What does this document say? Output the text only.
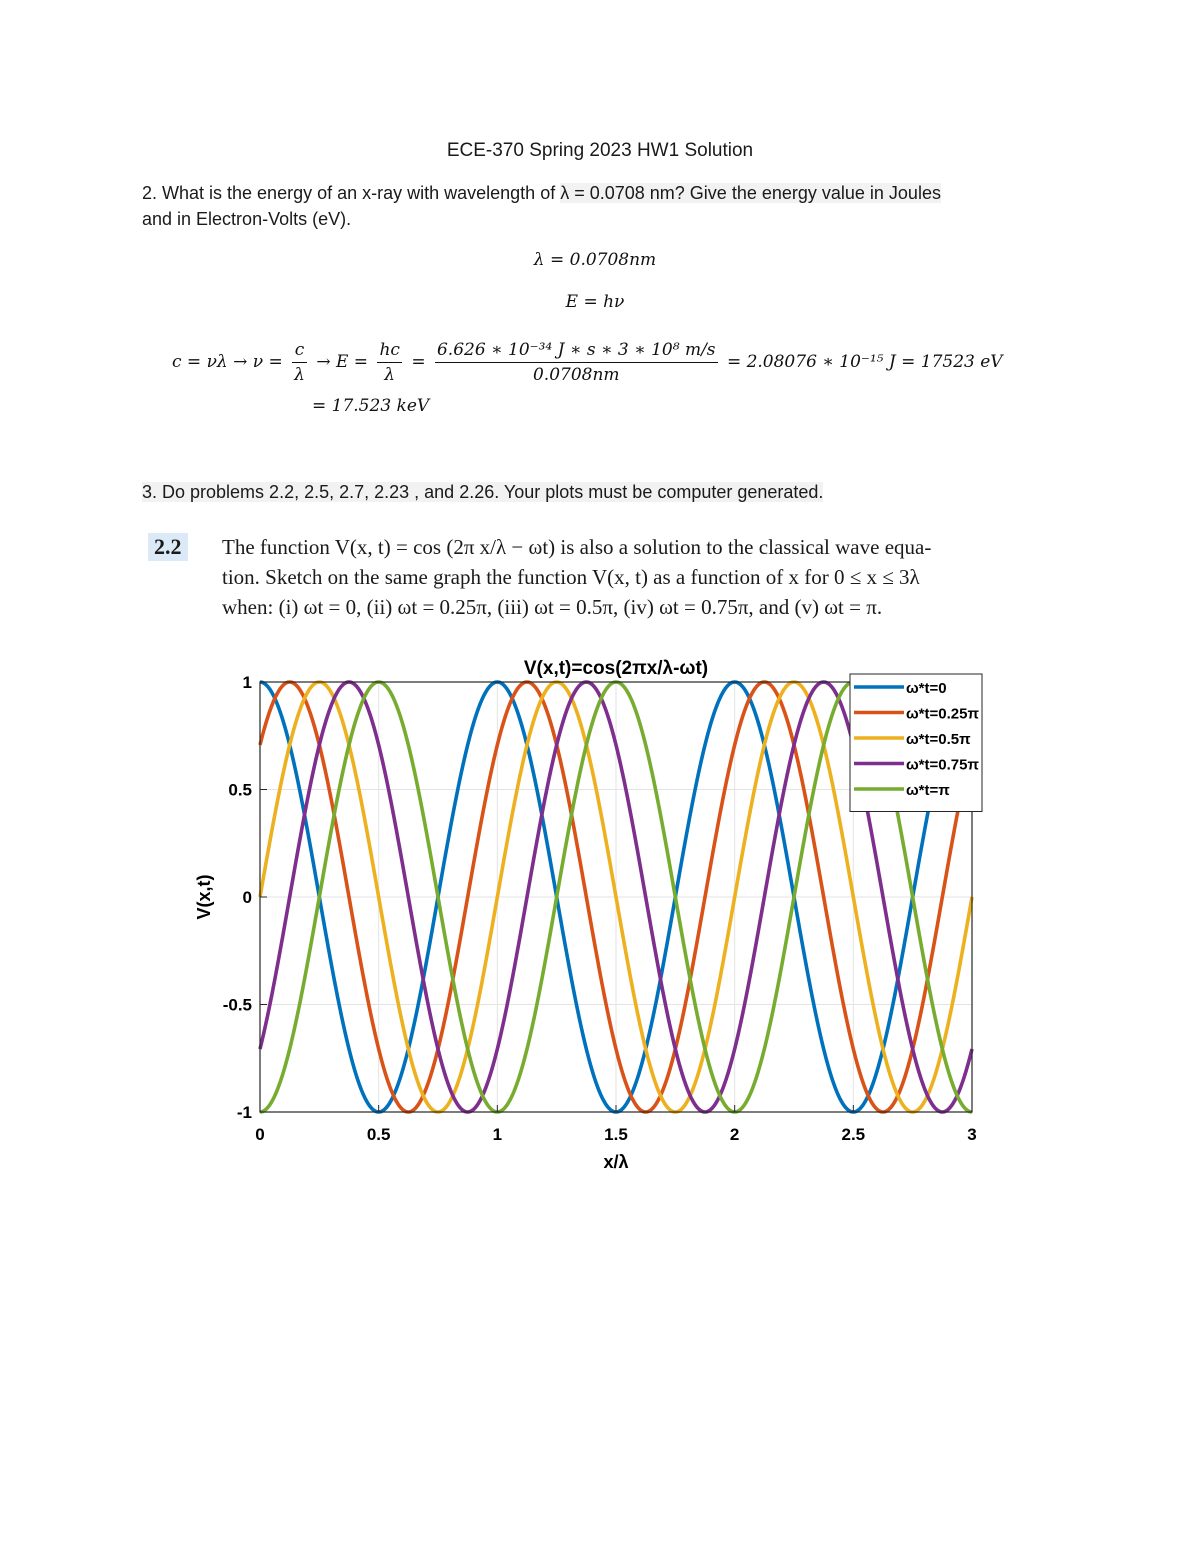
ECE-370 Spring 2023 HW1 Solution
2. What is the energy of an x-ray with wavelength of λ = 0.0708 nm? Give the energy value in Joules
and in Electron-Volts (eV).
λ = 0.0708nm
E = hν
$c = \nu\lambda \to \nu = \frac{c}{\lambda} \to E = \frac{hc}{\lambda} = \frac{\text{6.626 ∗ 10⁻³⁴ J ∗ s ∗ 3 ∗ 10⁸ m/s}}{0.0708nm} = 2.08076$ ∗ 10⁻¹⁵ J = 17523 eV
= 17.523 keV
3. Do problems 2.2, 2.5, 2.7, 2.23 , and 2.26. Your plots must be computer generated.
2.2 The function V(x, t) = cos (2π x/λ − ωt) is also a solution to the classical wave equa-
tion. Sketch on the same graph the function V(x, t) as a function of x for 0 ≤ x ≤ 3λ
when: (i) ωt = 0, (ii) ωt = 0.25π, (iii) ωt = 0.5π, (iv) ωt = 0.75π, and (v) ωt = π.
0	0.5	1	1.5	2	2.5	3
-1
-0.5
0
0.5
1
V(x,t)=cos(2πx/λ-ωt)
x/λ
V(x,t)
ω*t=0
ω*t=0.25π
ω*t=0.5π
ω*t=0.75π
ω*t=π
